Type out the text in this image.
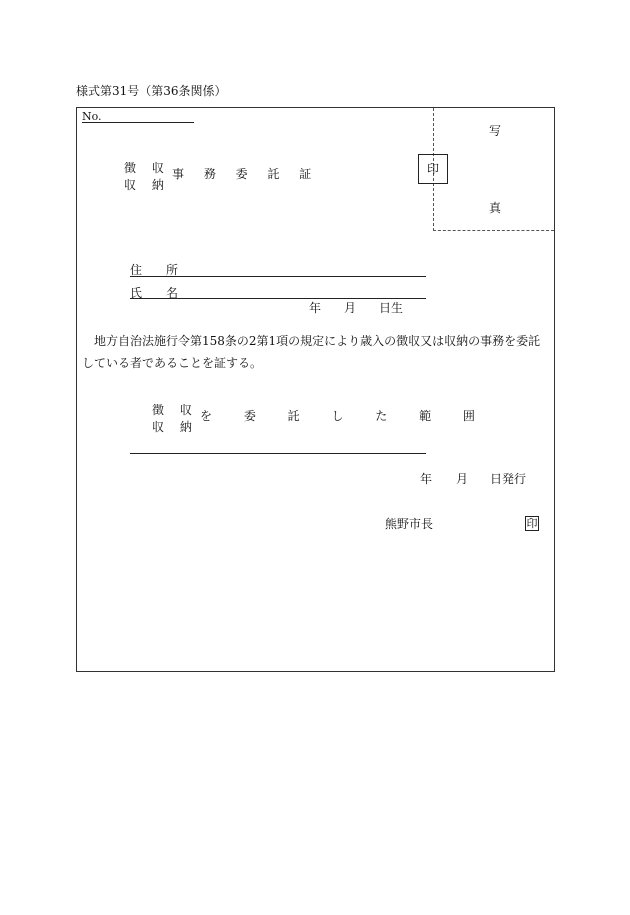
様式第31号（第36条関係）
No.
写
真
印
徴 収
収 納
事 務 委 託 証
住　　所
氏　　名
年 月 日生

地方自治法施行令第158条の2第1項の規定により歳入の徴収又は収納の事務を委託している者であることを証する。

徴 収
収 納
を 委 託 し た 範 囲
年 月 日発行
熊野市長	印
